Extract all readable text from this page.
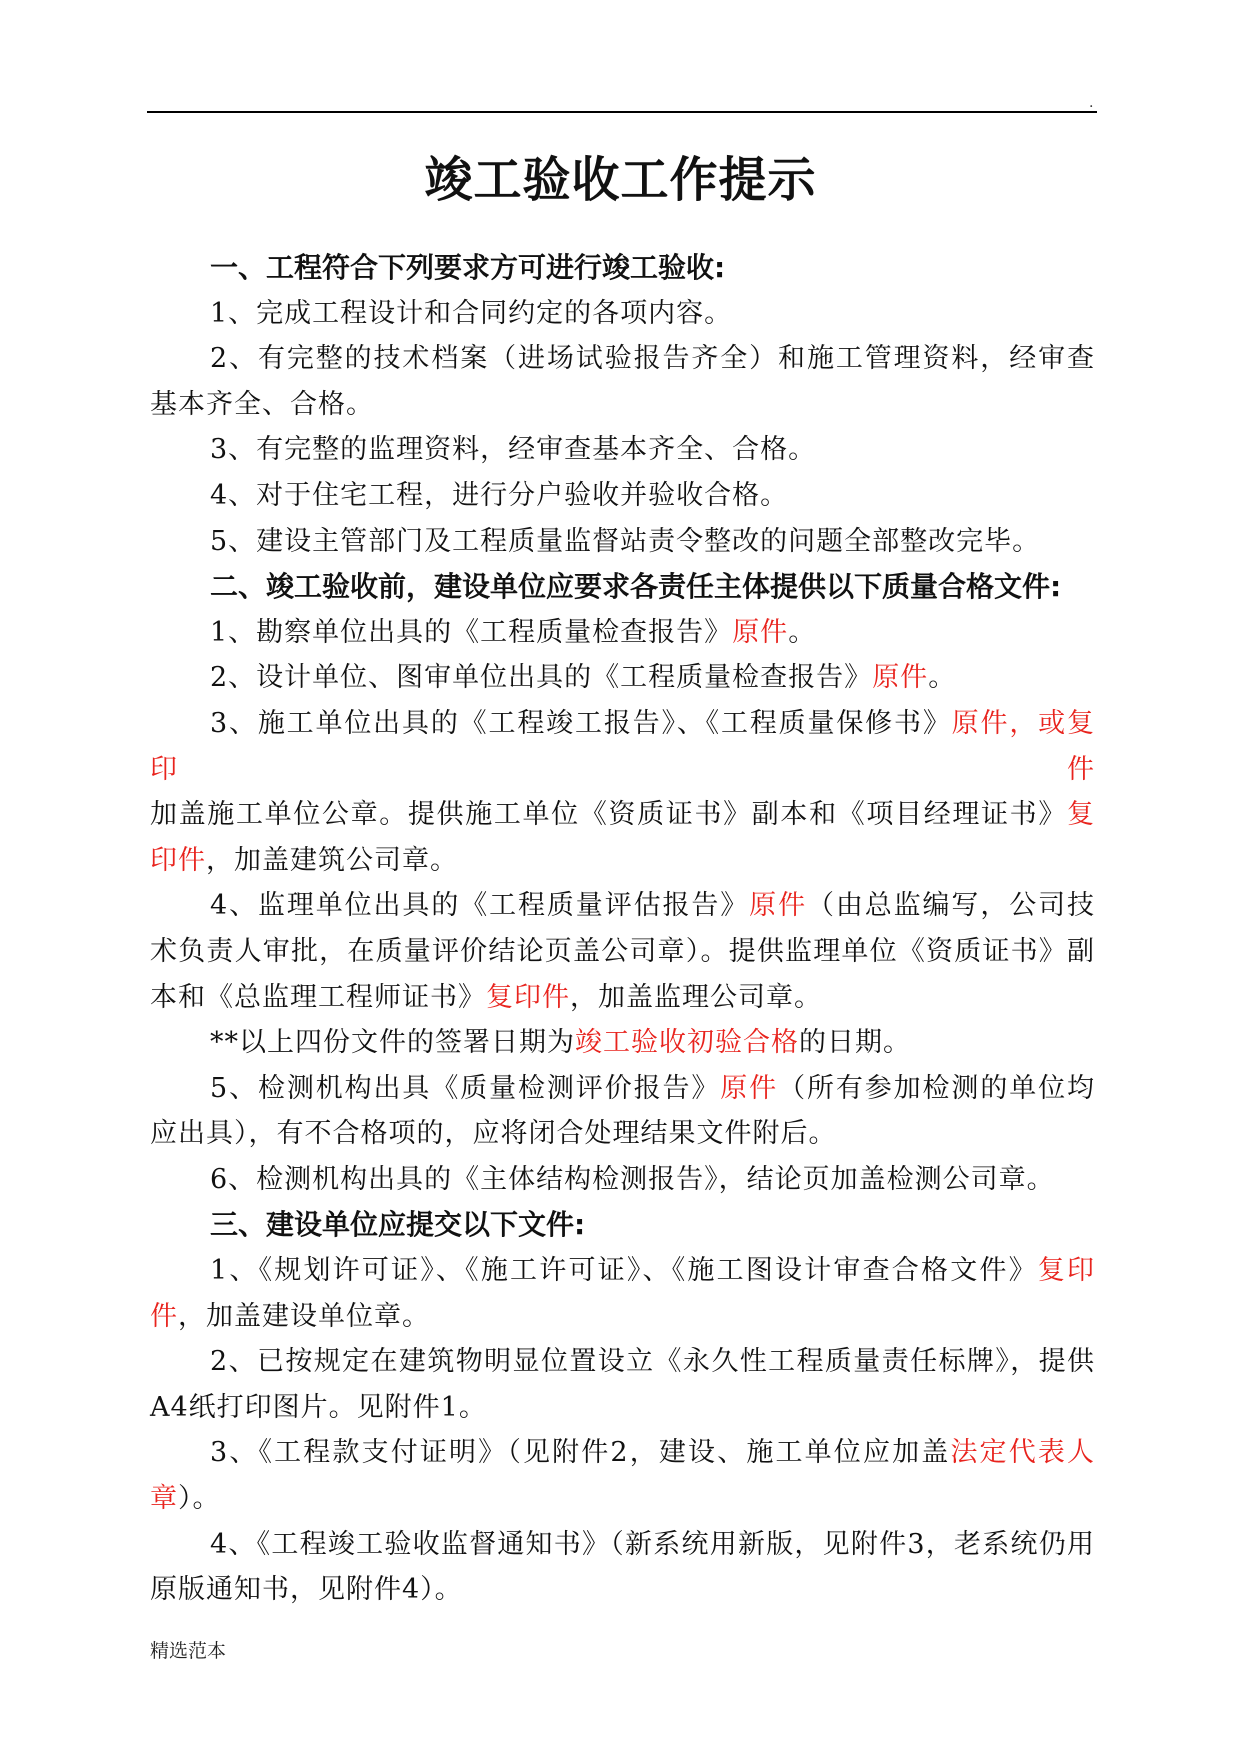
.
竣工验收工作提示

一、工程符合下列要求方可进行竣工验收:

1、完成工程设计和合同约定的各项内容。

2、有完整的技术档案（进场试验报告齐全）和施工管理资料，经审查基本齐全、合格。

3、有完整的监理资料，经审查基本齐全、合格。

4、对于住宅工程，进行分户验收并验收合格。

5、建设主管部门及工程质量监督站责令整改的问题全部整改完毕。

二、竣工验收前，建设单位应要求各责任主体提供以下质量合格文件:

1、勘察单位出具的《工程质量检查报告》原件。

2、设计单位、图审单位出具的《工程质量检查报告》原件。

3、施工单位出具的《工程竣工报告》、《工程质量保修书》原件，或复印件加盖施工单位公章。提供施工单位《资质证书》副本和《项目经理证书》复印件，加盖建筑公司章。

4、监理单位出具的《工程质量评估报告》原件（由总监编写，公司技术负责人审批，在质量评价结论页盖公司章）。提供监理单位《资质证书》副本和《总监理工程师证书》复印件，加盖监理公司章。

**以上四份文件的签署日期为竣工验收初验合格的日期。

5、检测机构出具《质量检测评价报告》原件（所有参加检测的单位均应出具），有不合格项的，应将闭合处理结果文件附后。

6、检测机构出具的《主体结构检测报告》，结论页加盖检测公司章。

三、建设单位应提交以下文件:

1、《规划许可证》、《施工许可证》、《施工图设计审查合格文件》复印件，加盖建设单位章。

2、已按规定在建筑物明显位置设立《永久性工程质量责任标牌》，提供A4纸打印图片。见附件1。

3、《工程款支付证明》（见附件2，建设、施工单位应加盖法定代表人章）。

4、《工程竣工验收监督通知书》（新系统用新版，见附件3，老系统仍用原版通知书，见附件4）。

精选范本
